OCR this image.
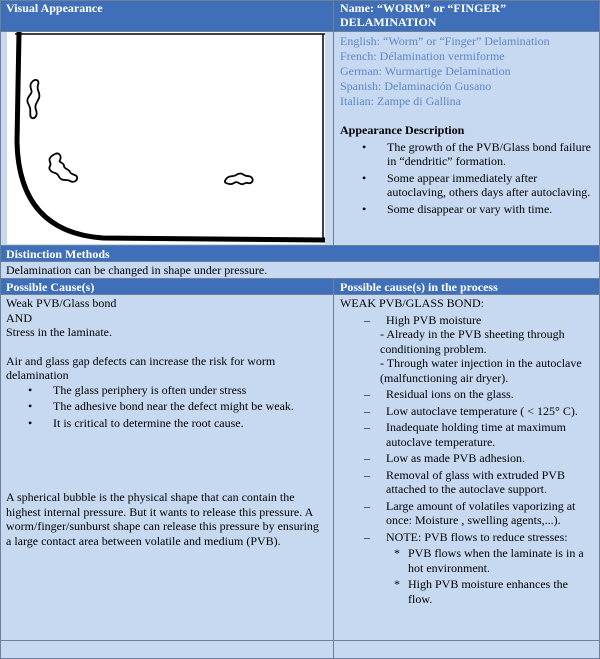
Visual Appearance	Name: “WORM” or “FINGER” DELAMINATION
English: “Worm” or “Finger” Delamination
French: Délamination vermiforme
German: Wurmartige Delamination
Spanish: Delaminación Gusano
Italian: Zampe di Gallina
Appearance Description
• The growth of the PVB/Glass bond failure in “dendritic” formation.
• Some appear immediately after autoclaving, others days after autoclaving.
• Some disappear or vary with time.
Distinction Methods
Delamination can be changed in shape under pressure.
Possible Cause(s)	Possible cause(s) in the process
Weak PVB/Glass bond
AND
Stress in the laminate.
Air and glass gap defects can increase the risk for worm delamination
• The glass periphery is often under stress
• The adhesive bond near the defect might be weak.
• It is critical to determine the root cause.
A spherical bubble is the physical shape that can contain the highest internal pressure. But it wants to release this pressure. A worm/finger/sunburst shape can release this pressure by ensuring a large contact area between volatile and medium (PVB).
WEAK PVB/GLASS BOND:
– High PVB moisture
- Already in the PVB sheeting through conditioning problem.
- Through water injection in the autoclave (malfunctioning air dryer).
– Residual ions on the glass.
– Low autoclave temperature ( < 125° C).
– Inadequate holding time at maximum autoclave temperature.
– Low as made PVB adhesion.
– Removal of glass with extruded PVB attached to the autoclave support.
– Large amount of volatiles vaporizing at once: Moisture , swelling agents,...).
– NOTE: PVB flows to reduce stresses:
* PVB flows when the laminate is in a hot environment.
* High PVB moisture enhances the flow.
